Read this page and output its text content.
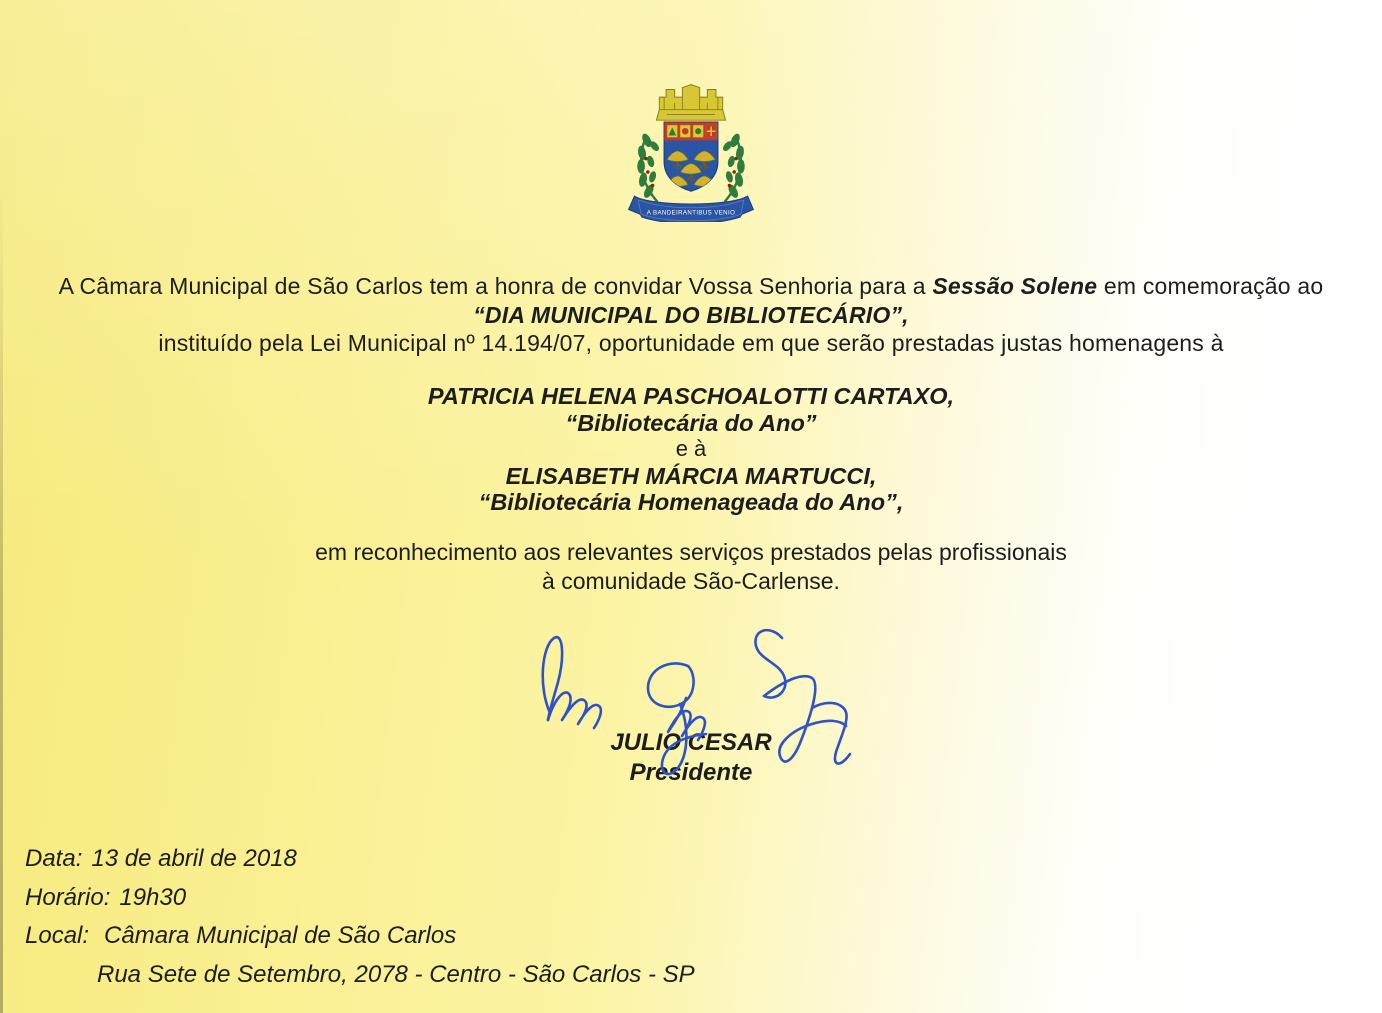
A BANDEIRANTIBUS VENIO
A Câmara Municipal de São Carlos tem a honra de convidar Vossa Senhoria para a Sessão Solene em comemoração ao
“DIA MUNICIPAL DO BIBLIOTECÁRIO”,
instituído pela Lei Municipal nº 14.194/07, oportunidade em que serão prestadas justas homenagens à
PATRICIA HELENA PASCHOALOTTI CARTAXO,
“Bibliotecária do Ano”
e à
ELISABETH MÁRCIA MARTUCCI,
“Bibliotecária Homenageada do Ano”,
em reconhecimento aos relevantes serviços prestados pelas profissionais
à comunidade São-Carlense.
JULIO CESAR
Presidente
Data: 13 de abril de 2018
Horário: 19h30
Local: Câmara Municipal de São Carlos
Rua Sete de Setembro, 2078 - Centro - São Carlos - SP
